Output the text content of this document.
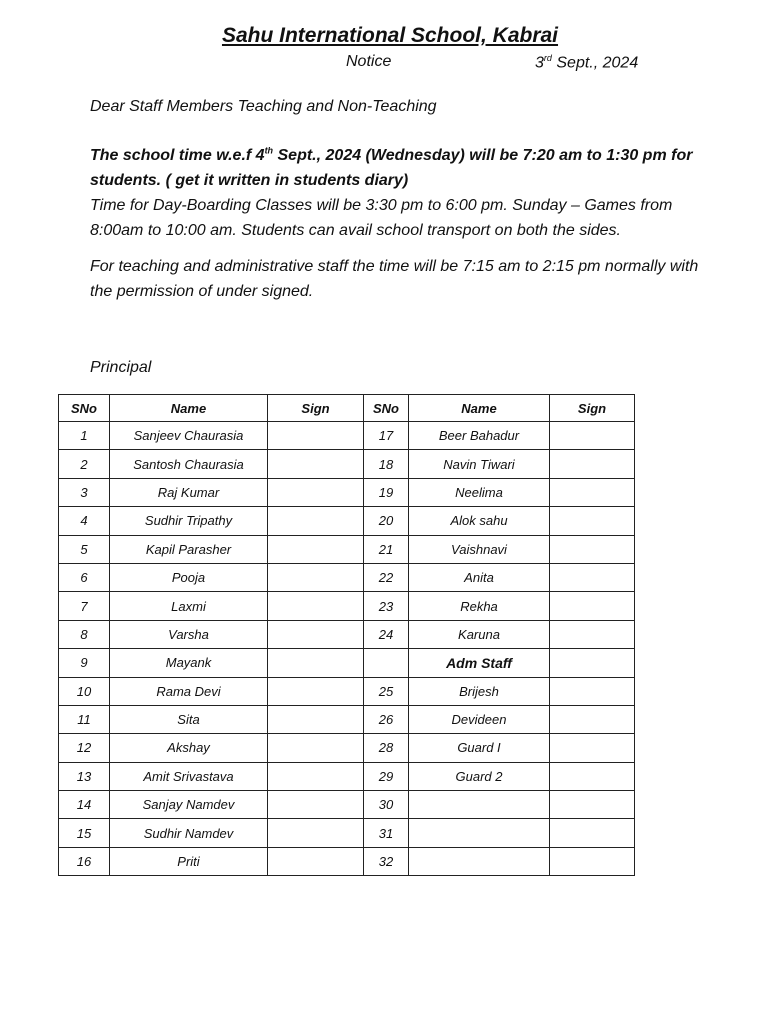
Sahu International School, Kabrai
Notice	3rd Sept., 2024
Dear Staff Members Teaching and Non-Teaching
The school time w.e.f 4th Sept., 2024 (Wednesday) will be 7:20 am to 1:30 pm for students. ( get it written in students diary)
Time for Day-Boarding Classes will be 3:30 pm to 6:00 pm. Sunday – Games from 8:00am to 10:00 am. Students can avail school transport on both the sides.
For teaching and administrative staff the time will be 7:15 am to 2:15 pm normally with the permission of under signed.
Principal
SNo	Name	Sign	SNo	Name	Sign
1	Sanjeev Chaurasia		17	Beer Bahadur	
2	Santosh Chaurasia		18	Navin Tiwari	
3	Raj Kumar		19	Neelima	
4	Sudhir Tripathy		20	Alok sahu	
5	Kapil Parasher		21	Vaishnavi	
6	Pooja		22	Anita	
7	Laxmi		23	Rekha	
8	Varsha		24	Karuna	
9	Mayank			Adm Staff	
10	Rama Devi		25	Brijesh	
11	Sita		26	Devideen	
12	Akshay		28	Guard I	
13	Amit Srivastava		29	Guard 2	
14	Sanjay Namdev		30		
15	Sudhir Namdev		31		
16	Priti		32		
